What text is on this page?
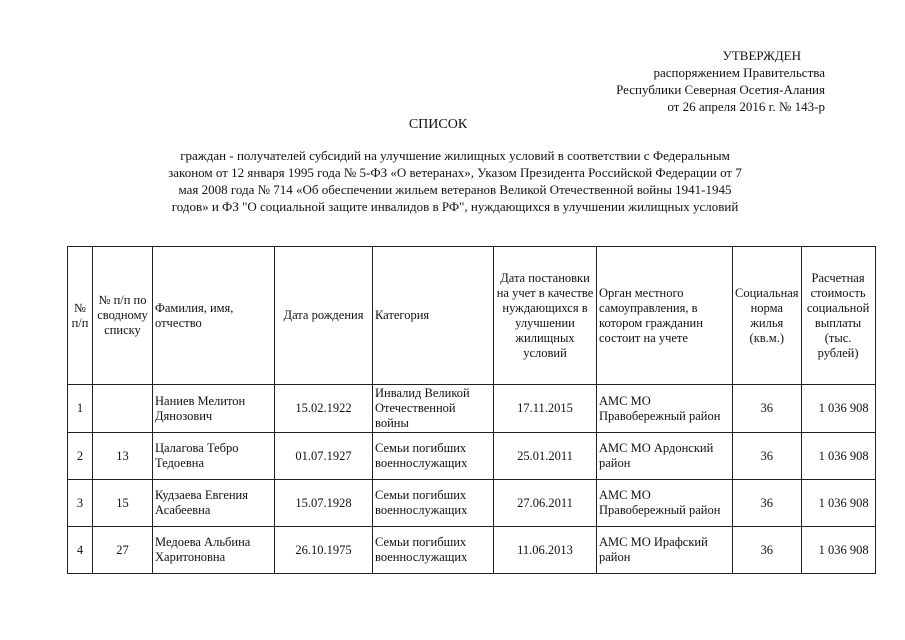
УТВЕРЖДЕН
распоряжением Правительства
Республики Северная Осетия-Алания
от 26 апреля 2016 г. № 143-р
СПИСОК
граждан - получателей субсидий на улучшение жилищных условий в соответствии с Федеральным
законом от 12 января 1995 года № 5-ФЗ «О ветеранах», Указом Президента Российской Федерации от 7
мая 2008 года № 714 «Об обеспечении жильем ветеранов Великой Отечественной войны 1941-1945
годов» и ФЗ "О социальной защите инвалидов в РФ", нуждающихся в улучшении жилищных условий
№ п/п	№ п/п по сводному списку	Фамилия, имя, отчество	Дата рождения	Категория	Дата постановки на учет в качестве нуждающихся в улучшении жилищных условий	Орган местного самоуправления, в котором гражданин состоит на учете	Социальная норма жилья (кв.м.)	Расчетная стоимость социальной выплаты (тыс. рублей)
1		Наниев Мелитон Дянозович	15.02.1922	Инвалид Великой Отечественной войны	17.11.2015	АМС МО Правобережный район	36	1 036 908
2	13	Цалагова Тебро Тедоевна	01.07.1927	Семьи погибших военнослужащих	25.01.2011	АМС МО Ардонский район	36	1 036 908
3	15	Кудзаева Евгения Асабеевна	15.07.1928	Семьи погибших военнослужащих	27.06.2011	АМС МО Правобережный район	36	1 036 908
4	27	Медоева Альбина Харитоновна	26.10.1975	Семьи погибших военнослужащих	11.06.2013	АМС МО Ирафский район	36	1 036 908
